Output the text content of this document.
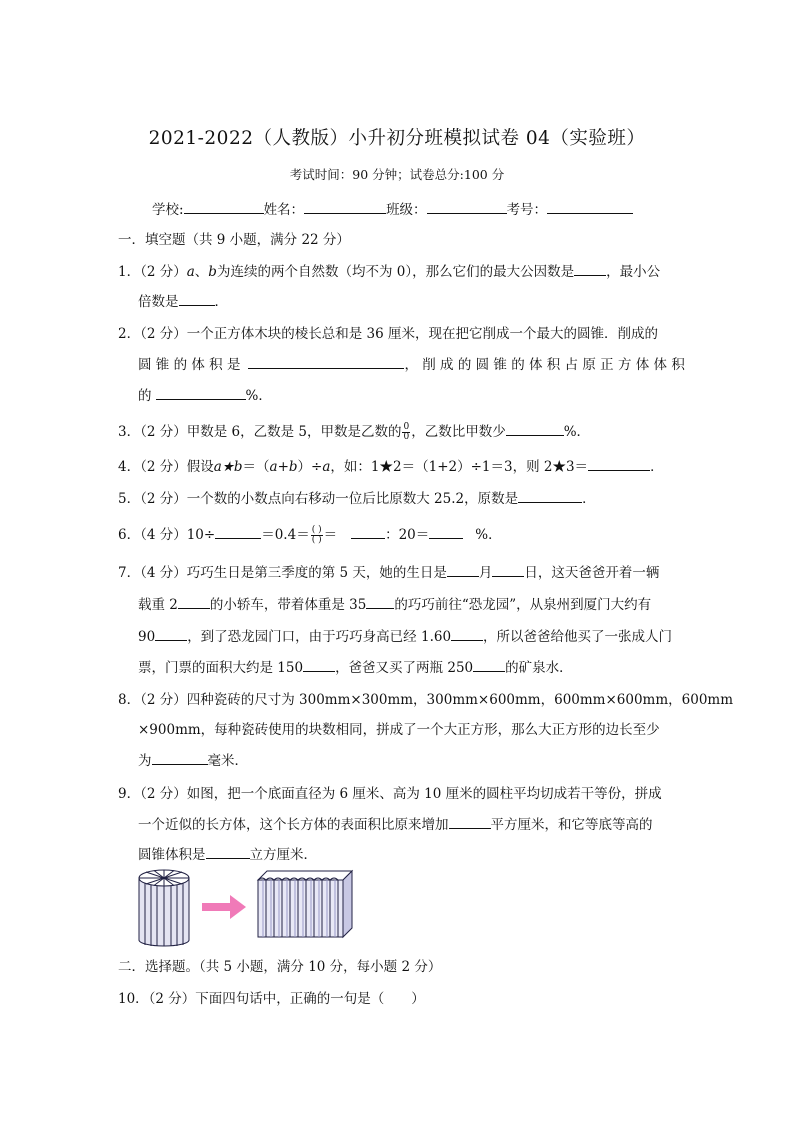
2021-2022（人教版）小升初分班模拟试卷 04（实验班）
考试时间：90 分钟；试卷总分:100 分
学校:	姓名：	班级：	考号：
一．填空题（共 9 小题，满分 22 分）
1．（2 分）a、b为连续的两个自然数（均不为 0），那么它们的最大公因数是 ，最小公
倍数是	．
2．（2 分）一个正方体木块的棱长总和是 36 厘米，现在把它削成一个最大的圆锥．削成的
圆 锥 的 体 积 是	， 削 成 的 圆 锥 的 体 积 占 原 正 方 体 体 积
的	%．
3．（2 分）甲数是 6，乙数是 5，甲数是乙数的 $\frac{0}{0}$ ，乙数比甲数少	%．
4．（2 分）假设a★b＝（a+b）÷a，如：1★2＝（1+2）÷1＝3，则 2★3＝	．
5．（2 分）一个数的小数点向右移动一位后比原数大 25.2，原数是	．
6．（4 分）10÷	$=0.4= \frac{( )}{( )}$ ＝	：20＝	%．
7．（4 分）巧巧生日是第三季度的第 5 天，她的生日是 月 日，这天爸爸开着一辆
载重 2 的小轿车，带着体重是 35 的巧巧前往“恐龙园”，从泉州到厦门大约有
90 ，到了恐龙园门口，由于巧巧身高已经 1.60 ，所以爸爸给他买了一张成人门
票，门票的面积大约是 150 ，爸爸又买了两瓶 250 的矿泉水．
8．（2 分）四种瓷砖的尺寸为 300mm×300mm，300mm×600mm，600mm×600mm，600mm
×900mm，每种瓷砖使用的块数相同，拼成了一个大正方形，那么大正方形的边长至少
为	毫米．
9．（2 分）如图，把一个底面直径为 6 厘米、高为 10 厘米的圆柱平均切成若干等份，拼成
一个近似的长方体，这个长方体的表面积比原来增加	平方厘米，和它等底等高的
圆锥体积是	立方厘米．
二．选择题。（共 5 小题，满分 10 分，每小题 2 分）
10．（2 分）下面四句话中，正确的一句是（　　）
